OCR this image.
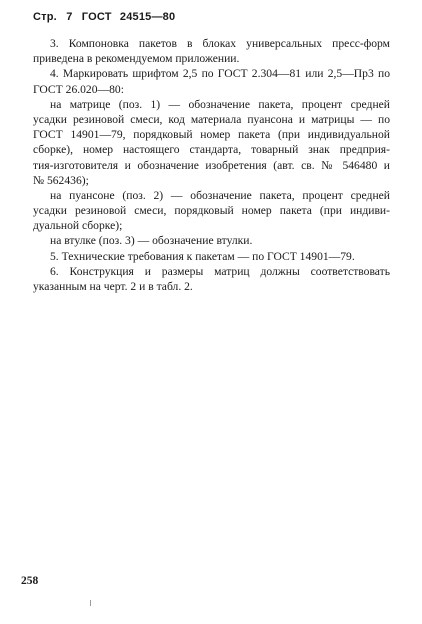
Стр. 7 ГОСТ 24515—80
3. Компоновка пакетов в блоках универсальных пресс-форм
приведена в рекомендуемом приложении.
4. Маркировать шрифтом 2,5 по ГОСТ 2.304—81 или 2,5—Пр3 по
ГОСТ 26.020—80:
на матрице (поз. 1) — обозначение пакета, процент средней
усадки резиновой смеси, код материала пуансона и матрицы — по
ГОСТ 14901—79, порядковый номер пакета (при индивидуальной
сборке), номер настоящего стандарта, товарный знак предприя-
тия-изготовителя и обозначение изобретения (авт. св. № 546480 и
№ 562436);
на пуансоне (поз. 2) — обозначение пакета, процент средней
усадки резиновой смеси, порядковый номер пакета (при индиви-
дуальной сборке);
на втулке (поз. 3) — обозначение втулки.
5. Технические требования к пакетам — по ГОСТ 14901—79.
6. Конструкция и размеры матриц должны соответствовать
указанным на черт. 2 и в табл. 2.
258
